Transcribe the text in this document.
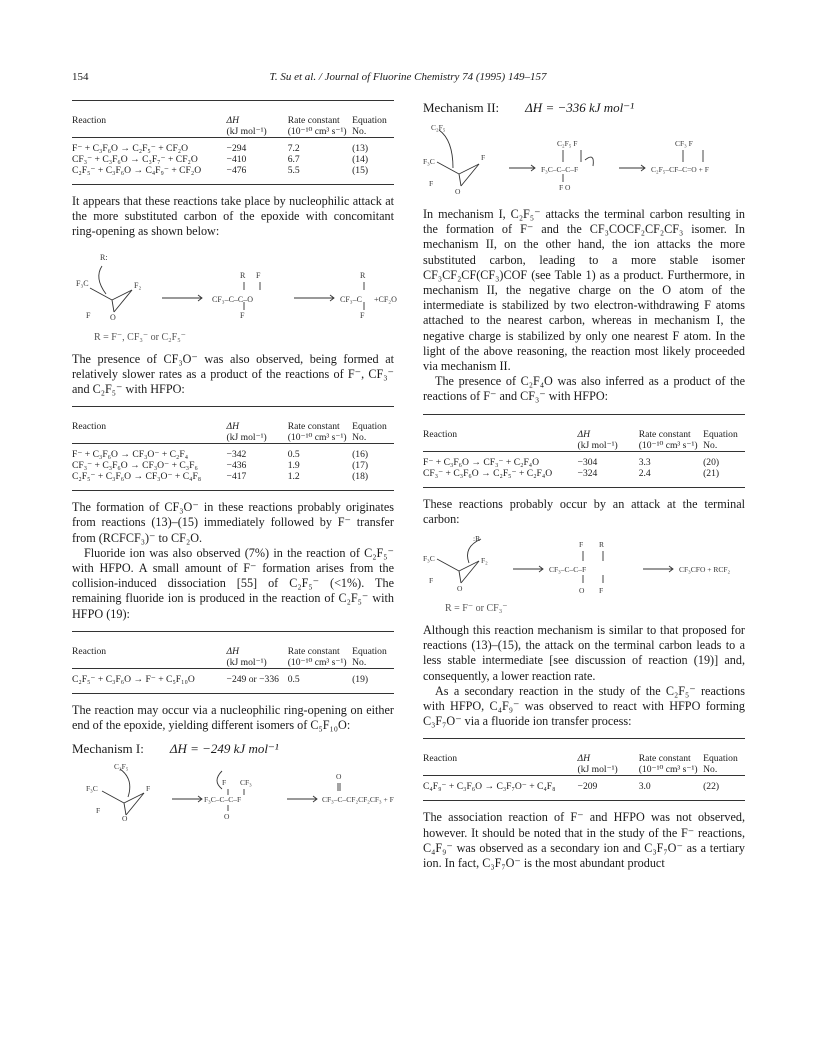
154	T. Su et al. / Journal of Fluorine Chemistry 74 (1995) 149–157
Reaction	ΔH
(kJ mol⁻¹)	Rate constant (10⁻¹⁰ cm³ s⁻¹)	Equation No.
F⁻ + C₃F₆O → C₂F₅⁻ + CF₂O	−294	7.2	(13)
CF₃⁻ + C₃F₆O → C₃F₇⁻ + CF₂O	−410	6.7	(14)
C₂F₅⁻ + C₃F₆O → C₄F₉⁻ + CF₂O	−476	5.5	(15)

It appears that these reactions take place by nucleophilic attack at the more substituted carbon of the epoxide with concomitant ring-opening as shown below:

R:
F₃C	F₂
F O
CF₃–C–C–O
R F
F
CF₃–C +CF₂O
R
F
R = F⁻, CF₃⁻ or C₂F₅⁻

The presence of CF₃O⁻ was also observed, being formed at relatively slower rates as a product of the reactions of F⁻, CF₃⁻ and C₂F₅⁻ with HFPO:

Reaction	ΔH
(kJ mol⁻¹)	Rate constant (10⁻¹⁰ cm³ s⁻¹)	Equation No.
F⁻ + C₃F₆O → CF₃O⁻ + C₂F₄	−342	0.5	(16)
CF₃⁻ + C₃F₆O → CF₃O⁻ + C₃F₆	−436	1.9	(17)
C₂F₅⁻ + C₃F₆O → CF₃O⁻ + C₄F₈	−417	1.2	(18)

The formation of CF₃O⁻ in these reactions probably originates from reactions (13)–(15) immediately followed by F⁻ transfer from (RCFCF₃)⁻ to CF₂O.

Fluoride ion was also observed (7%) in the reaction of C₂F₅⁻ with HFPO. A small amount of F⁻ formation arises from the collision-induced dissociation [55] of C₂F₅⁻ (<1%). The remaining fluoride ion is produced in the reaction of C₂F₅⁻ with HFPO (19):

Reaction	ΔH
(kJ mol⁻¹)	Rate constant (10⁻¹⁰ cm³ s⁻¹)	Equation No.
C₂F₅⁻ + C₃F₆O → F⁻ + C₅F₁₀O	−249 or −336	0.5	(19)

The reaction may occur via a nucleophilic ring-opening on either end of the epoxide, yielding different isomers of C₅F₁₀O:

Mechanism I: ΔH = −249 kJ mol⁻¹
C₂F₅
F₃C	F
F
O
F CF₃
F₃C–C–C–F
O
O
CF₃–C–CF₂CF₂CF₃ + F
Mechanism II: ΔH = −336 kJ mol⁻¹
C₂F₅
F₃C	F
F
O
C₂F₅ F
F₃C–C–C–F
F O
CF₃ F
C₂F₅–CF–C=O + F

In mechanism I, C₂F₅⁻ attacks the terminal carbon resulting in the formation of F⁻ and the CF₃COCF₂CF₂CF₃ isomer. In mechanism II, on the other hand, the ion attacks the more substituted carbon, leading to a more stable isomer CF₃CF₂CF(CF₃)COF (see Table 1) as a product. Furthermore, in mechanism II, the negative charge on the O atom of the intermediate is stabilized by two electron-withdrawing F atoms attached to the nearest carbon, whereas in mechanism I, the negative charge is stabilized by only one nearest F atom. In the light of the above reasoning, the reaction most likely proceeded via mechanism II.

The presence of C₂F₄O was also inferred as a product of the reactions of F⁻ and CF₃⁻ with HFPO:

Reaction	ΔH
(kJ mol⁻¹)	Rate constant (10⁻¹⁰ cm³ s⁻¹)	Equation No.
F⁻ + C₃F₆O → CF₃⁻ + C₂F₄O	−304	3.3	(20)
CF₃⁻ + C₃F₆O → C₂F₅⁻ + C₂F₄O	−324	2.4	(21)

These reactions probably occur by an attack at the terminal carbon:

:R
F₃C	F₂
F
O
F R
CF₃–C–C–F
O F
CF₃CFO + RCF₂
R = F⁻ or CF₃⁻

Although this reaction mechanism is similar to that proposed for reactions (13)–(15), the attack on the terminal carbon leads to a less stable intermediate [see discussion of reaction (19)] and, consequently, a lower reaction rate.

As a secondary reaction in the study of the C₂F₅⁻ reactions with HFPO, C₄F₉⁻ was observed to react with HFPO forming C₃F₇O⁻ via a fluoride ion transfer process:

Reaction	ΔH
(kJ mol⁻¹)	Rate constant (10⁻¹⁰ cm³ s⁻¹)	Equation No.
C₄F₉⁻ + C₃F₆O → C₃F₇O⁻ + C₄F₈	−209	3.0	(22)

The association reaction of F⁻ and HFPO was not observed, however. It should be noted that in the study of the F⁻ reactions, C₄F₉⁻ was observed as a secondary ion and C₃F₇O⁻ as a tertiary ion. In fact, C₃F₇O⁻ is the most abundant product
